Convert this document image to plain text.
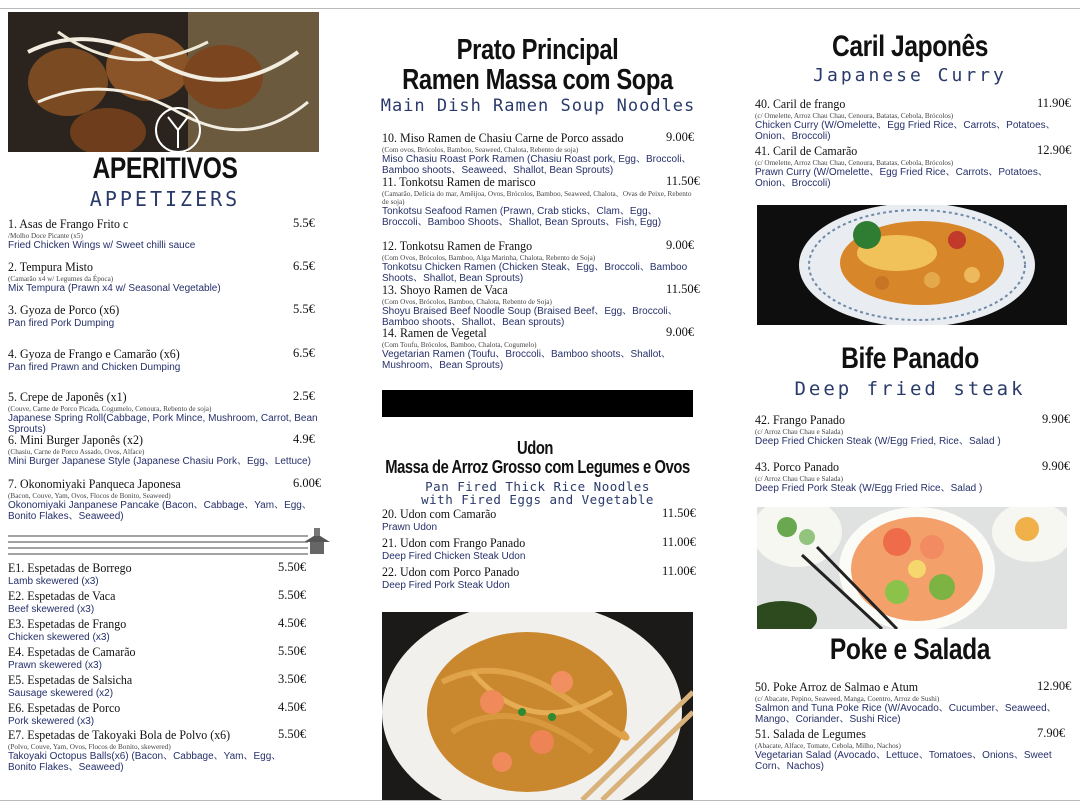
APERITIVOS
APPETIZERS
1. Asas de Frango Frito c	5.5€
/Molho Doce Picante (x5)
Fried Chicken Wings w/ Sweet chilli sauce
2. Tempura Misto	6.5€
(Camarão x4 w/ Legumes da Época)
Mix Tempura (Prawn x4 w/ Seasonal Vegetable)
3. Gyoza de Porco (x6)	5.5€
Pan fired Pork Dumping
4. Gyoza de Frango e Camarão (x6)	6.5€
Pan fired Prawn and Chicken Dumping
5. Crepe de Japonês (x1)	2.5€
(Couve, Carne de Porco Picada, Cogumelo, Cenoura, Rebento de soja)
Japanese Spring Roll(Cabbage, Pork Mince, Mushroom, Carrot, Bean Sprouts)
6. Mini Burger Japonês (x2)	4.9€
(Chasiu, Carne de Porco Assado, Ovos, Alface)
Mini Burger Japanese Style (Japanese Chasiu Pork、Egg、Lettuce)
7. Okonomiyaki Panqueca Japonesa	6.00€
(Bacon, Couve, Yam, Ovos, Flocos de Bonito, Seaweed)
Okonomiyaki Janpanese Pancake (Bacon、Cabbage、Yam、Egg、Bonito Flakes、Seaweed)
E1. Espetadas de Borrego	5.50€
Lamb skewered (x3)
E2. Espetadas de Vaca	5.50€
Beef skewered (x3)
E3. Espetadas de Frango	4.50€
Chicken skewered (x3)
E4. Espetadas de Camarão	5.50€
Prawn skewered (x3)
E5. Espetadas de Salsicha	3.50€
Sausage skewered (x2)
E6. Espetadas de Porco	4.50€
Pork skewered (x3)
E7. Espetadas de Takoyaki Bola de Polvo (x6)	5.50€
(Polvo, Couve, Yam, Ovos, Flocos de Bonito, skewered)
Takoyaki Octopus Balls(x6) (Bacon、Cabbage、Yam、Egg、Bonito Flakes、Seaweed)
Prato Principal
Ramen Massa com Sopa
Main Dish Ramen Soup Noodles
10. Miso Ramen de Chasiu Carne de Porco assado	9.00€
(Com ovos, Brócolos, Bamboo, Seaweed, Chalota, Rebento de soja)
Miso Chasiu Roast Pork Ramen (Chasiu Roast pork, Egg、Broccoli、Bamboo shoots、Seaweed、Shallot, Bean Sprouts)
11. Tonkotsu Ramen de marisco	11.50€
(Camarão, Delícia do mar, Amêijoa, Ovos, Brócolos, Bamboo, Seaweed, Chalota、Ovas de Peixe, Rebento de soja)
Tonkotsu Seafood Ramen (Prawn, Crab sticks、Clam、Egg、Broccoli、Bamboo Shoots、Shallot, Bean Sprouts、Fish, Egg)
12. Tonkotsu Ramen de Frango	9.00€
(Com Ovos, Brócolos, Bamboo, Alga Marinha, Chalota, Rebento de Soja)
Tonkotsu Chicken Ramen (Chicken Steak、Egg、Broccoli、Bamboo Shoots、Shallot, Bean Sprouts)
13. Shoyo Ramen de Vaca	11.50€
(Com Ovos, Brócolos, Bamboo, Chalota, Rebento de Soja)
Shoyu Braised Beef Noodle Soup (Braised Beef、Egg、Broccoli、Bamboo shoots、Shallot、Bean sprouts)
14. Ramen de Vegetal	9.00€
(Com Toufu, Brócolos, Bamboo, Chalota, Cogumelo)
Vegetarian Ramen (Toufu、Broccoli、Bamboo shoots、Shallot、Mushroom、Bean Sprouts)
Udon
Massa de Arroz Grosso com Legumes e Ovos
Pan Fired Thick Rice Noodles
with Fired Eggs and Vegetable
20. Udon com Camarão	11.50€
Prawn Udon
21. Udon com Frango Panado	11.00€
Deep Fired Chicken Steak Udon
22. Udon com Porco Panado	11.00€
Deep Fired Pork Steak Udon
Caril Japonês
Japanese Curry
40. Caril de frango	11.90€
(c/ Omelette, Arroz Chau Chau, Cenoura, Batatas, Cebola, Brócolos)
Chicken Curry (W/Omelette、Egg Fried Rice、Carrots、Potatoes、Onion、Broccoli)
41. Caril de Camarão	12.90€
(c/ Omelette, Arroz Chau Chau, Cenoura, Batatas, Cebola, Brócolos)
Prawn Curry (W/Omelette、Egg Fried Rice、Carrots、Potatoes、Onion、Broccoli)
Bife Panado
Deep fried steak
42. Frango Panado	9.90€
(c/ Arroz Chau Chau e Salada)
Deep Fried Chicken Steak (W/Egg Fried, Rice、Salad )
43. Porco Panado	9.90€
(c/ Arroz Chau Chau e Salada)
Deep Fried Pork Steak (W/Egg Fried Rice、Salad )
Poke e Salada
50. Poke Arroz de Salmao e Atum	12.90€
(c/ Abacate, Pepino, Seaweed, Manga, Coentro, Arroz de Sushi)
Salmon and Tuna Poke Rice (W/Avocado、Cucumber、Seaweed、Mango、Coriander、Sushi Rice)
51. Salada de Legumes	7.90€
(Abacate, Alface, Tomate, Cebola, Milho, Nachos)
Vegetarian Salad (Avocado、Lettuce、Tomatoes、Onions、Sweet Corn、Nachos)
